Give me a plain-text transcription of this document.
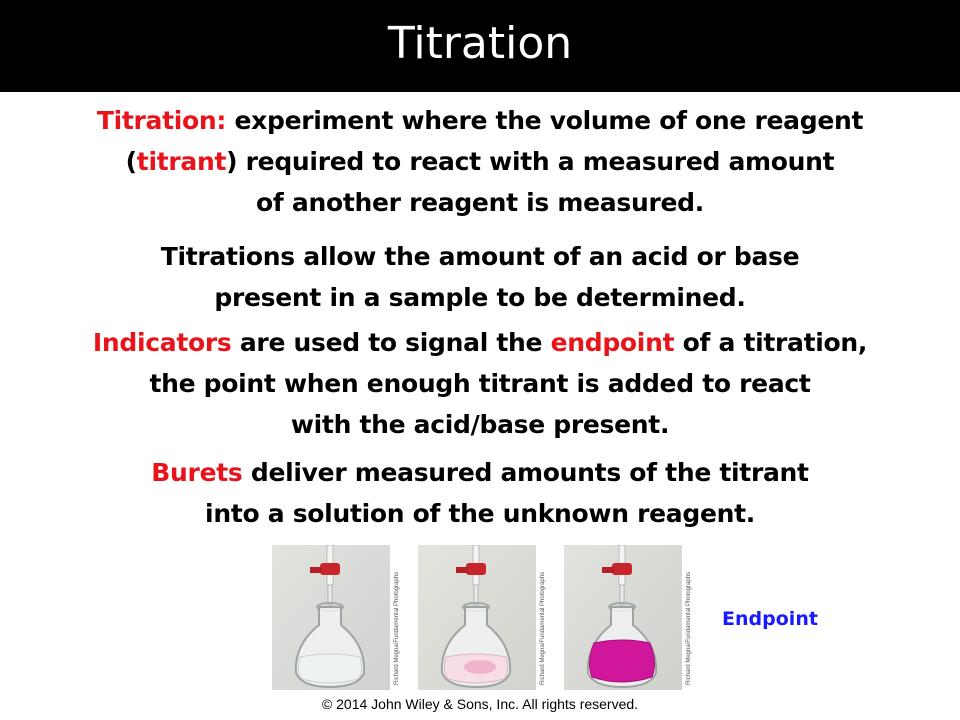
Titration
Titration: experiment where the volume of one reagent
(titrant) required to react with a measured amount
of another reagent is measured.
Titrations allow the amount of an acid or base
present in a sample to be determined.
Indicators are used to signal the endpoint of a titration,
the point when enough titrant is added to react
with the acid/base present.
Burets deliver measured amounts of the titrant
into a solution of the unknown reagent.
Richard Megna/Fundamental Photographs	Richard Megna/Fundamental Photographs	Richard Megna/Fundamental Photographs	Endpoint
© 2014 John Wiley & Sons, Inc. All rights reserved.
